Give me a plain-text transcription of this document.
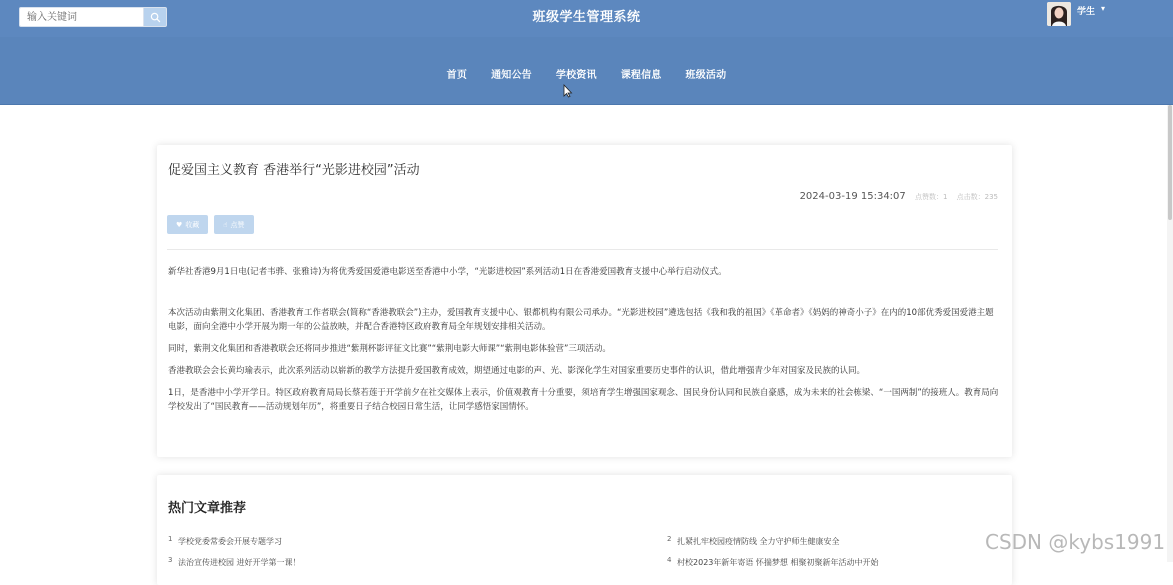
输入关键词
班级学生管理系统	学生 ▾
首页	通知公告	学校资讯	课程信息	班级活动
促爱国主义教育 香港举行“光影进校园”活动
2024-03-19 15:34:07 点赞数：1 点击数：235
♥ 收藏	☝ 点赞

新华社香港9月1日电(记者韦骅、张雅诗)为将优秀爱国爱港电影送至香港中小学，“光影进校园”系列活动1日在香港爱国教育支援中心举行启动仪式。

本次活动由紫荆文化集团、香港教育工作者联会(简称“香港教联会”)主办，爱国教育支援中心、银都机构有限公司承办。“光影进校园”遴选包括《我和我的祖国》《革命者》《妈妈的神奇小子》在内的10部优秀爱国爱港主题电影，面向全港中小学开展为期一年的公益放映，并配合香港特区政府教育局全年规划安排相关活动。

同时，紫荆文化集团和香港教联会还将同步推进“紫荆杯影评征文比赛”“紫荆电影大师课”“紫荆电影体验营”三项活动。

香港教联会会长黄均瑜表示，此次系列活动以崭新的教学方法提升爱国教育成效，期望通过电影的声、光、影深化学生对国家重要历史事件的认识，借此增强青少年对国家及民族的认同。

1日，是香港中小学开学日。特区政府教育局局长蔡若莲于开学前夕在社交媒体上表示，价值观教育十分重要，须培育学生增强国家观念、国民身份认同和民族自豪感，成为未来的社会栋梁、“一国两制”的接班人。教育局向学校发出了“国民教育——活动规划年历”，将重要日子结合校园日常生活，让同学感悟家国情怀。

热门文章推荐
1 学校党委常委会开展专题学习	2 扎紧扎牢校园疫情防线 全力守护师生健康安全
3 法治宣传进校园 进好开学第一课！	4 村校2023年新年寄语 怀揣梦想 相聚初聚新年活动中开始
CSDN @kybs1991
